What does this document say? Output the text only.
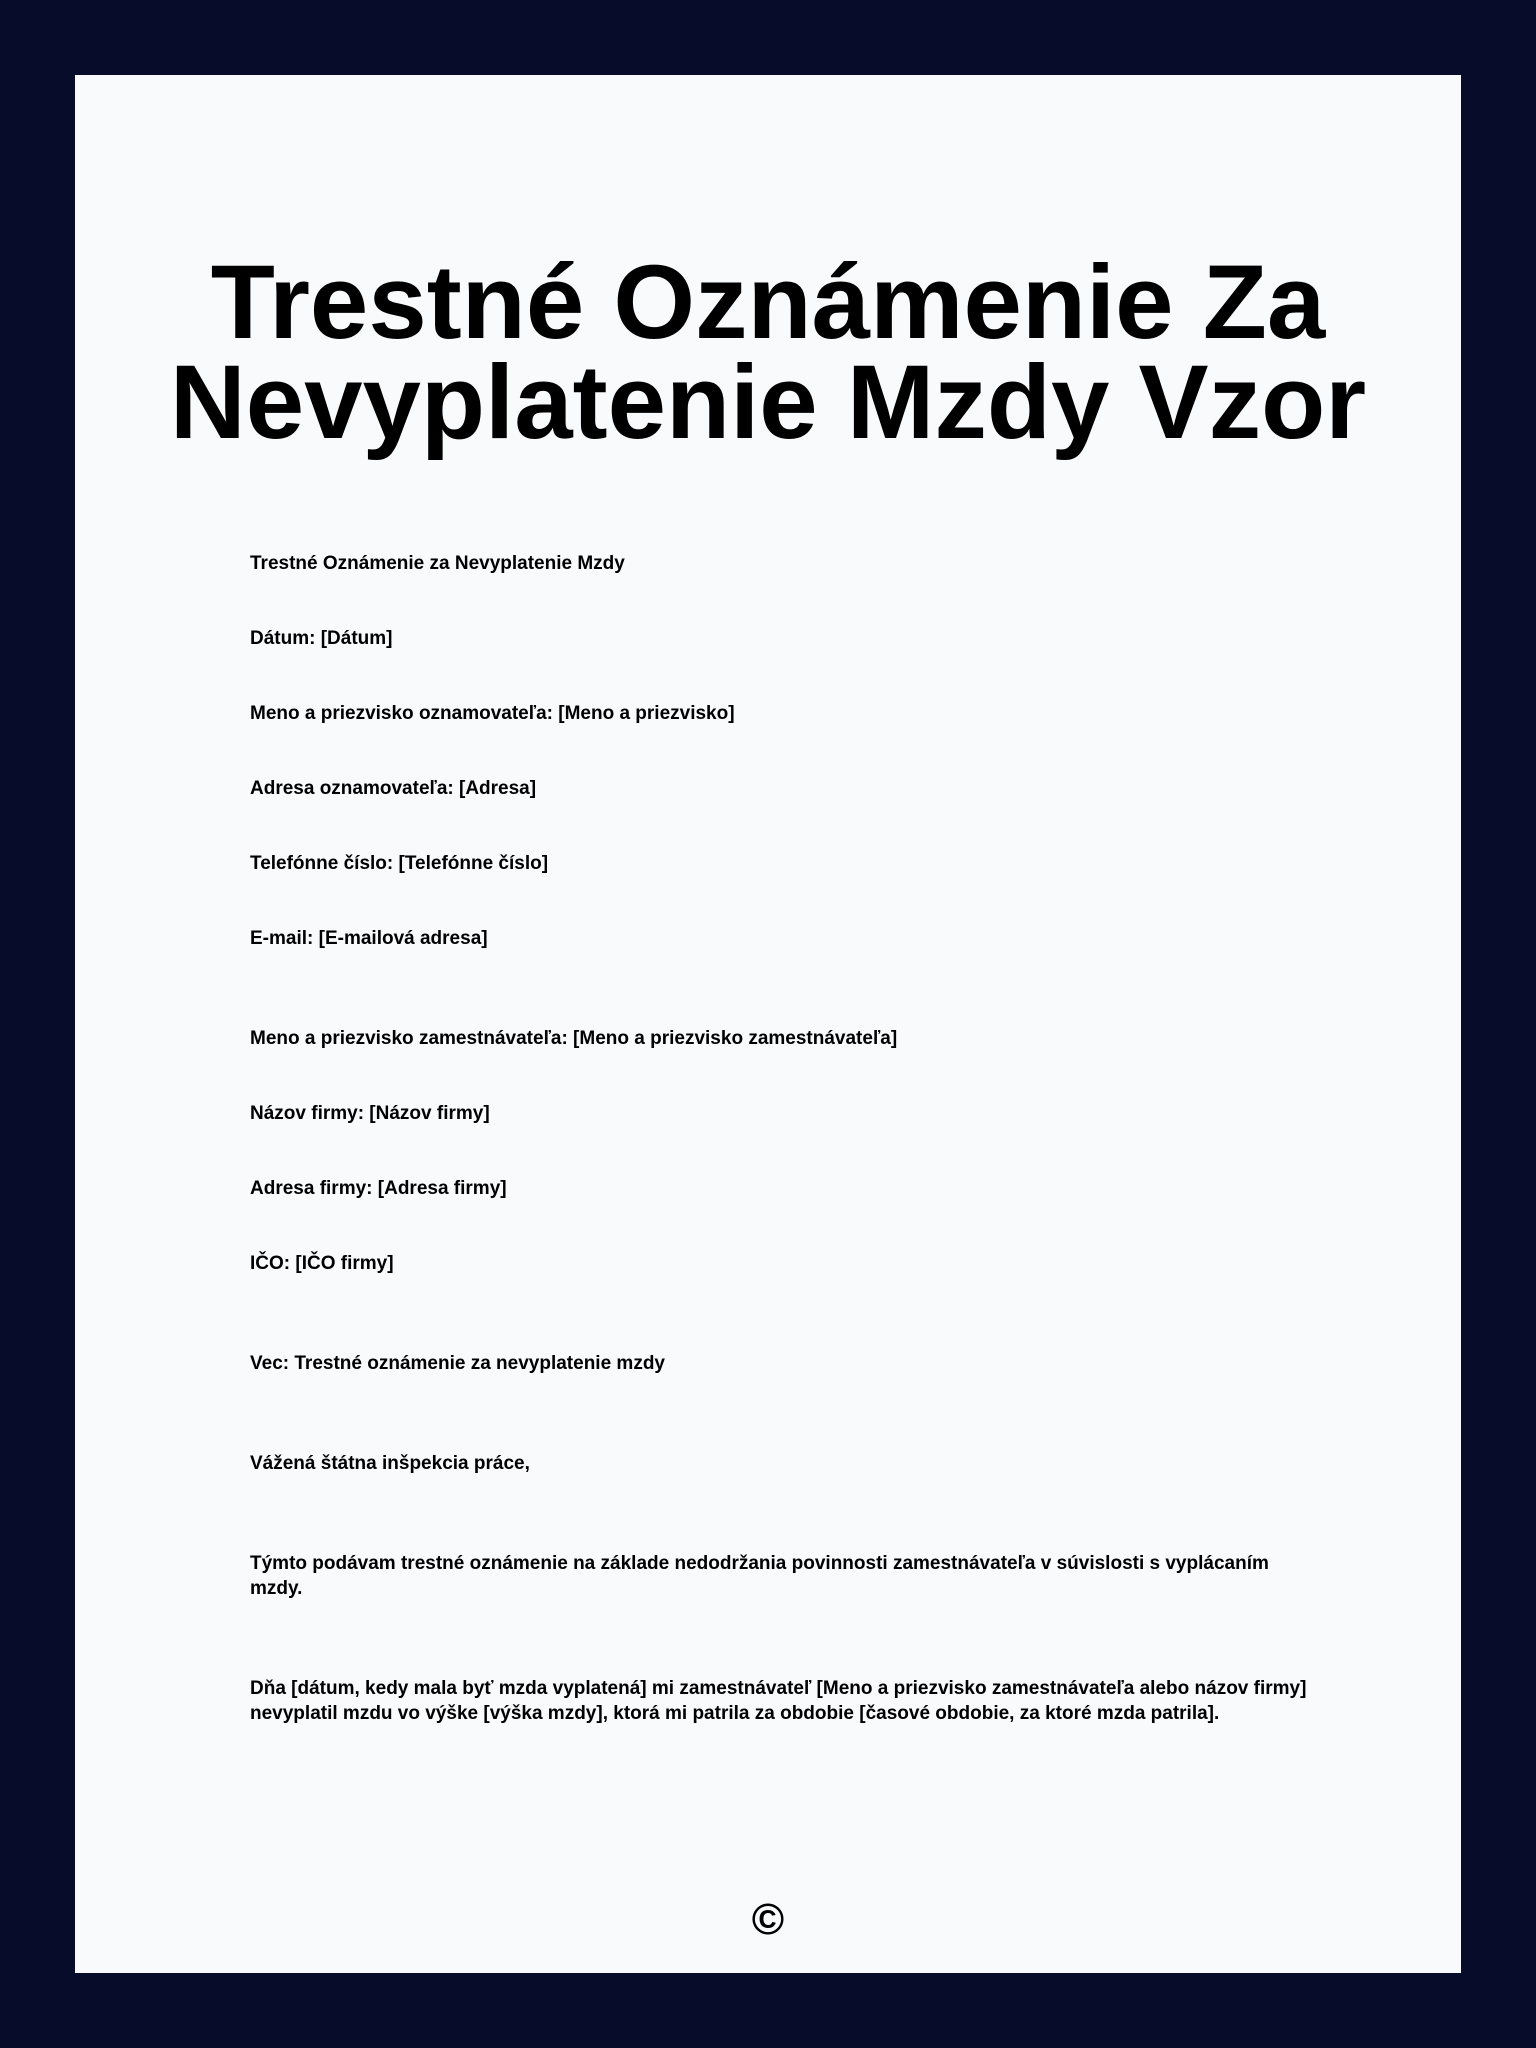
Trestné Oznámenie Za
Nevyplatenie Mzdy Vzor

Trestné Oznámenie za Nevyplatenie Mzdy

Dátum: [Dátum]

Meno a priezvisko oznamovateľa: [Meno a priezvisko]

Adresa oznamovateľa: [Adresa]

Telefónne číslo: [Telefónne číslo]

E-mail: [E-mailová adresa]

Meno a priezvisko zamestnávateľa: [Meno a priezvisko zamestnávateľa]

Názov firmy: [Názov firmy]

Adresa firmy: [Adresa firmy]

IČO: [IČO firmy]

Vec: Trestné oznámenie za nevyplatenie mzdy

Vážená štátna inšpekcia práce,

Týmto podávam trestné oznámenie na základe nedodržania povinnosti zamestnávateľa v súvislosti s vyplácaním mzdy.

Dňa [dátum, kedy mala byť mzda vyplatená] mi zamestnávateľ [Meno a priezvisko zamestnávateľa alebo názov firmy] nevyplatil mzdu vo výške [výška mzdy], ktorá mi patrila za obdobie [časové obdobie, za ktoré mzda patrila].

©
